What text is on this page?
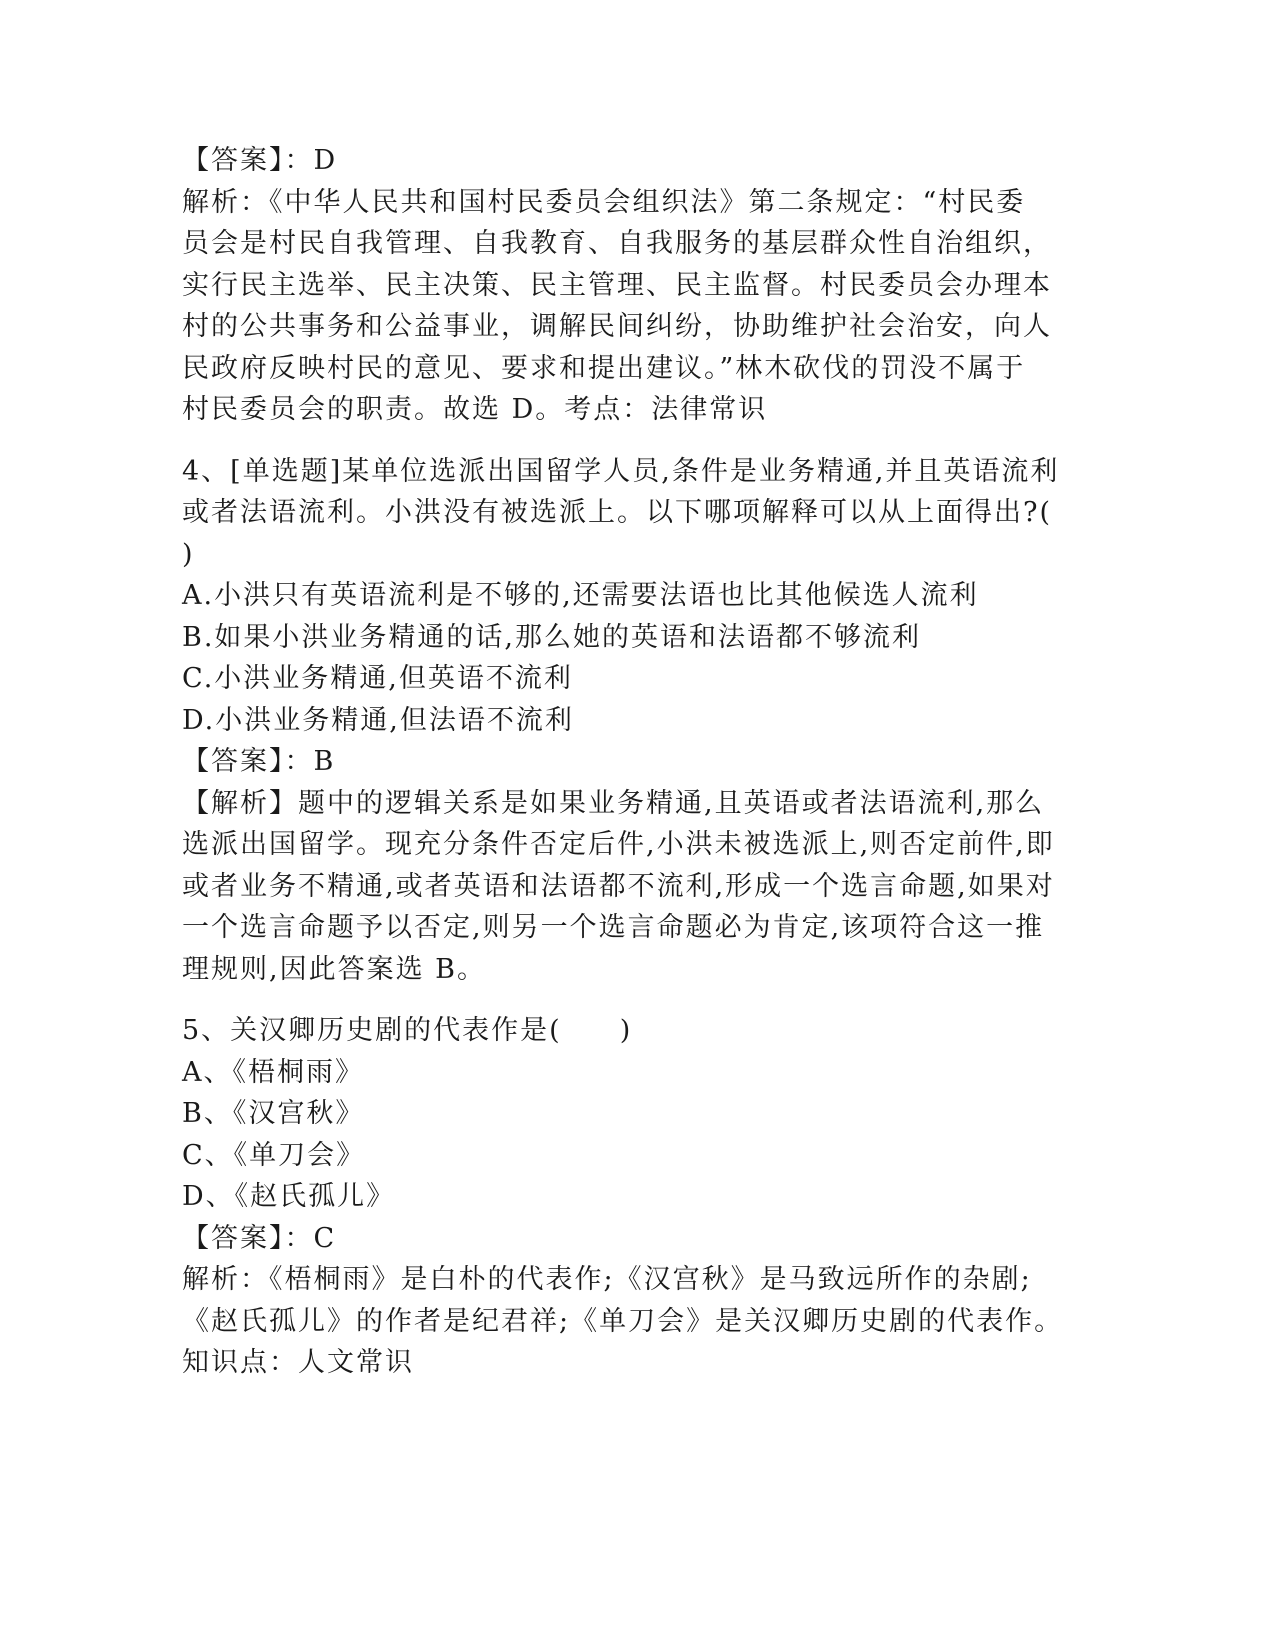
【答案】：D
解析：《中华人民共和国村民委员会组织法》第二条规定：“村民委
员会是村民自我管理、自我教育、自我服务的基层群众性自治组织，
实行民主选举、民主决策、民主管理、民主监督。村民委员会办理本
村的公共事务和公益事业，调解民间纠纷，协助维护社会治安，向人
民政府反映村民的意见、要求和提出建议。”林木砍伐的罚没不属于
村民委员会的职责。故选 D。考点：法律常识
4、[单选题]某单位选派出国留学人员,条件是业务精通,并且英语流利
或者法语流利。小洪没有被选派上。以下哪项解释可以从上面得出?(
)
A.小洪只有英语流利是不够的,还需要法语也比其他候选人流利
B.如果小洪业务精通的话,那么她的英语和法语都不够流利
C.小洪业务精通,但英语不流利
D.小洪业务精通,但法语不流利
【答案】：B
【解析】题中的逻辑关系是如果业务精通,且英语或者法语流利,那么
选派出国留学。现充分条件否定后件,小洪未被选派上,则否定前件,即
或者业务不精通,或者英语和法语都不流利,形成一个选言命题,如果对
一个选言命题予以否定,则另一个选言命题必为肯定,该项符合这一推
理规则,因此答案选 B。
5、关汉卿历史剧的代表作是(　　)
A、《梧桐雨》
B、《汉宫秋》
C、《单刀会》
D、《赵氏孤儿》
【答案】：C
解析：《梧桐雨》是白朴的代表作;《汉宫秋》是马致远所作的杂剧;
《赵氏孤儿》的作者是纪君祥;《单刀会》是关汉卿历史剧的代表作。
知识点：人文常识
